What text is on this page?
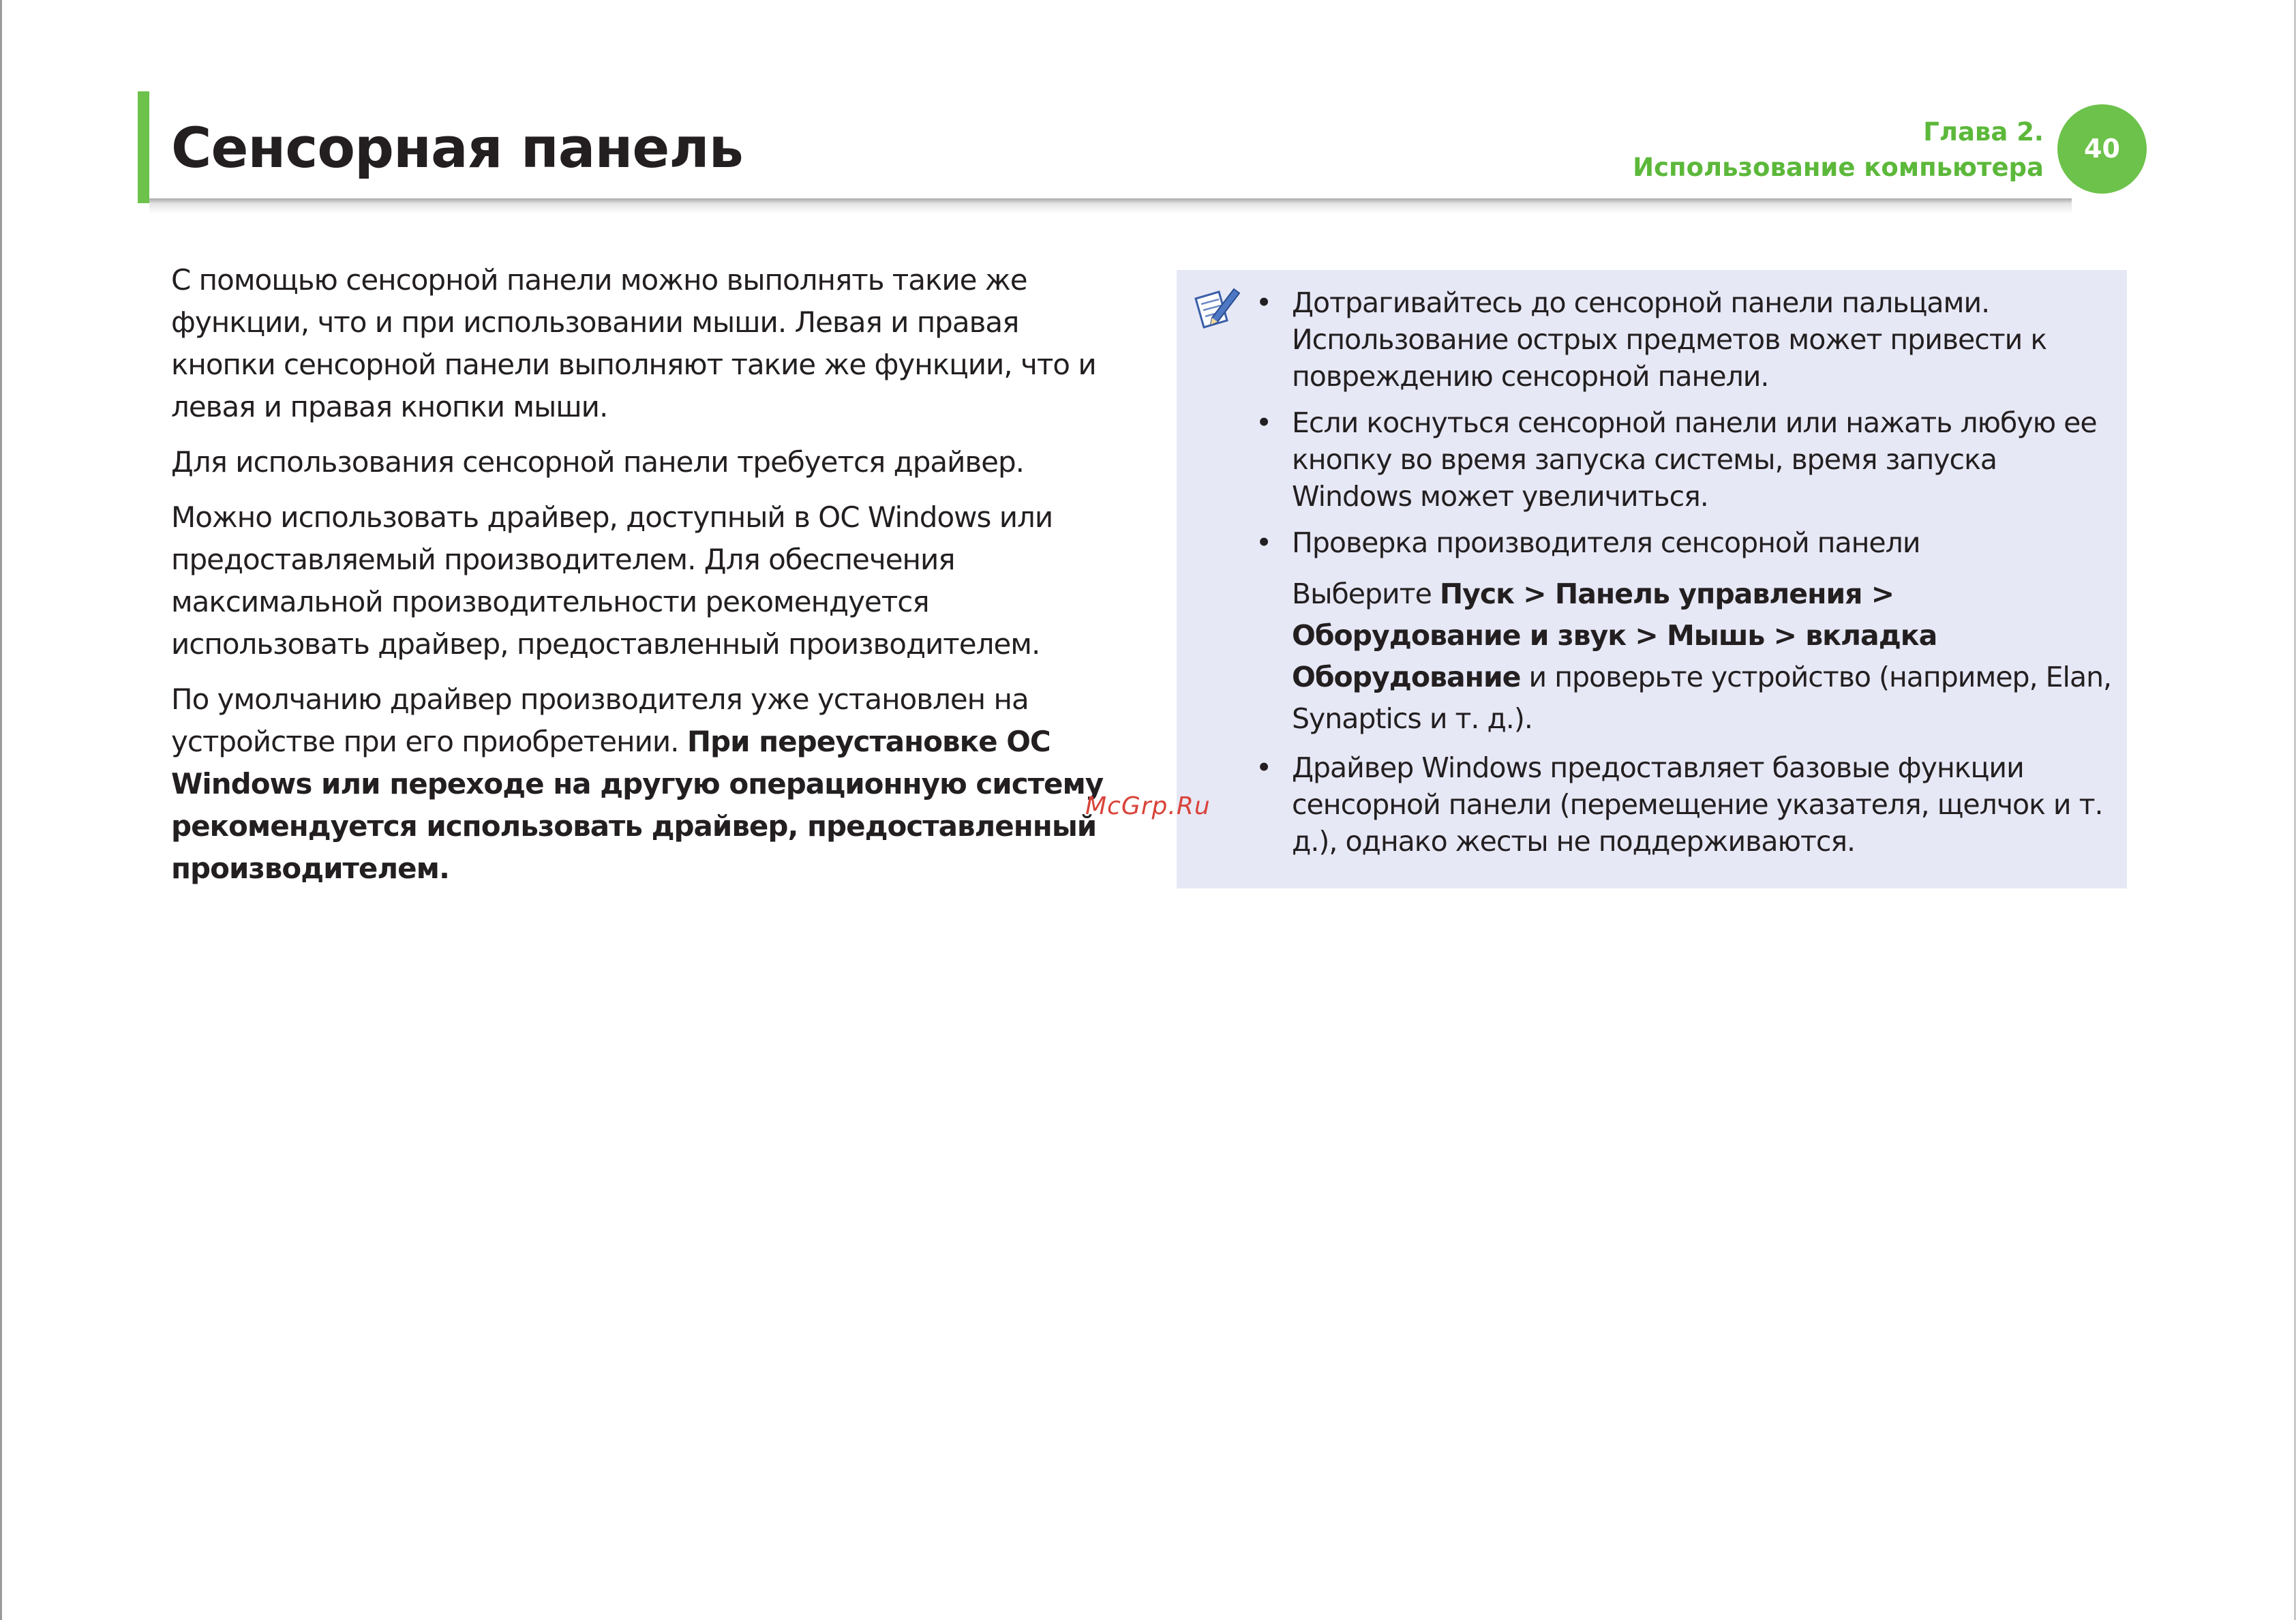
Сенсорная панель	Глава 2.
Использование компьютера
40

С помощью сенсорной панели можно выполнять такие же функции, что и при использовании мыши. Левая и правая кнопки сенсорной панели выполняют такие же функции, что и левая и правая кнопки мыши.

Для использования сенсорной панели требуется драйвер.

Можно использовать драйвер, доступный в ОС Windows или предоставляемый производителем. Для обеспечения максимальной производительности рекомендуется использовать драйвер, предоставленный производителем.

По умолчанию драйвер производителя уже установлен на устройстве при его приобретении. При переустановке ОС Windows или переходе на другую операционную систему рекомендуется использовать драйвер, предоставленный производителем.

• Дотрагивайтесь до сенсорной панели пальцами. Использование острых предметов может привести к повреждению сенсорной панели.
• Если коснуться сенсорной панели или нажать любую ее кнопку во время запуска системы, время запуска Windows может увеличиться.
• Проверка производителя сенсорной панели
Выберите Пуск > Панель управления > Оборудование и звук > Мышь > вкладка Оборудование и проверьте устройство (например, Elan, Synaptics и т. д.).
• Драйвер Windows предоставляет базовые функции сенсорной панели (перемещение указателя, щелчок и т. д.), однако жесты не поддерживаются.
McGrp.Ru
